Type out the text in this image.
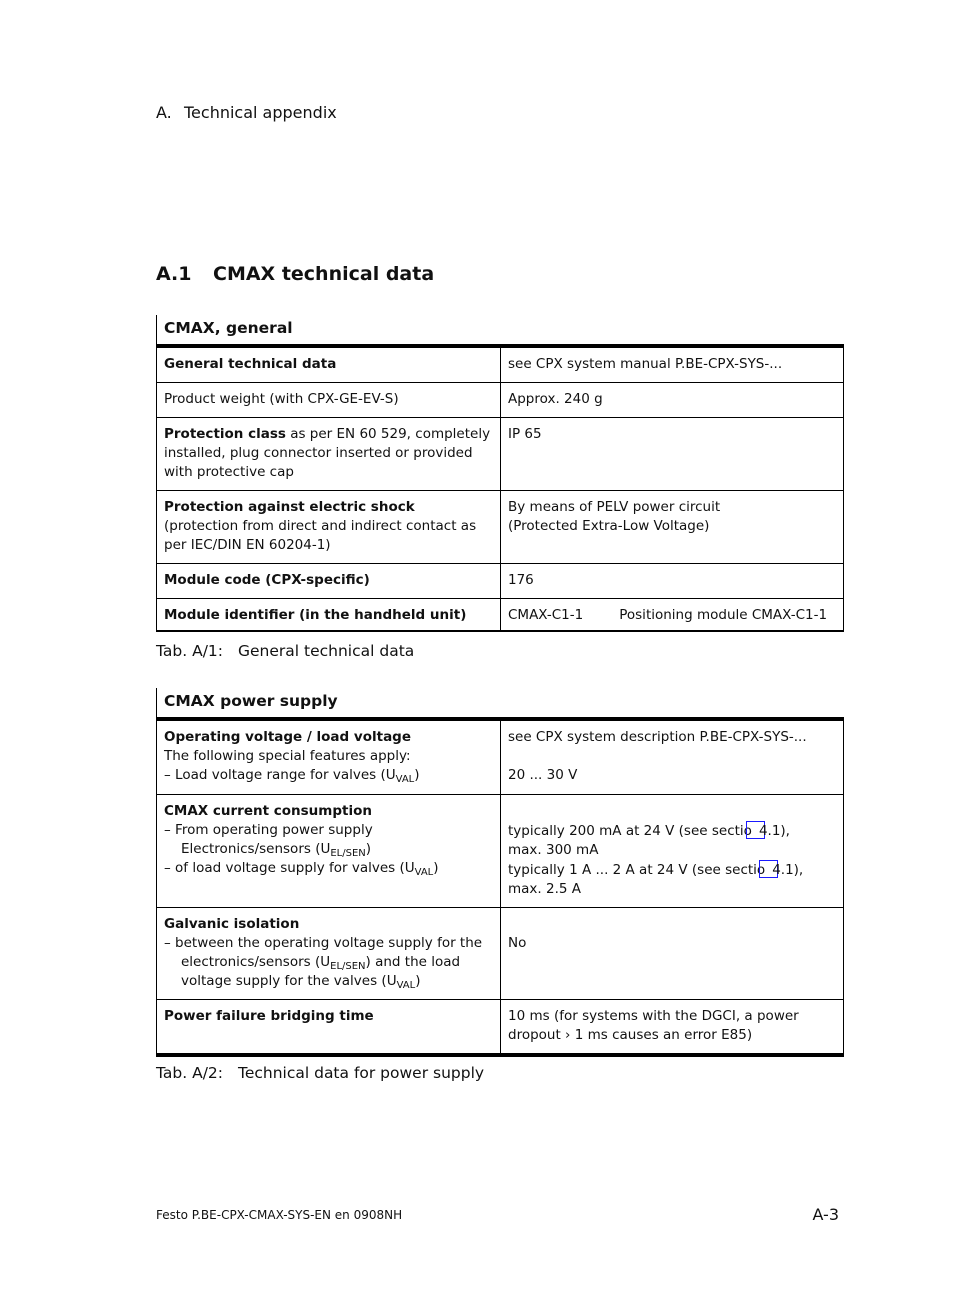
A. Technical appendix
A.1 CMAX technical data
CMAX, general	
General technical data	see CPX system manual P.BE-CPX-SYS-...
Product weight (with CPX-GE-EV-S)	Approx. 240 g
Protection class as per EN 60 529, completely installed, plug connector inserted or provided with protective cap	IP 65

Protection against electric shock
(protection from direct and indirect contact as per IEC/DIN EN 60204-1)	By means of PELV power circuit
(Protected Extra-Low Voltage)
Module code (CPX-specific)	176
Module identifier (in the handheld unit)	CMAX-C1-1 Positioning module CMAX-C1-1
Tab. A/1: General technical data
CMAX power supply	

Operating voltage / load voltage
The following special features apply:
– Load voltage range for valves $(U_{VAL})$	see CPX system description P.BE-CPX-SYS-...
20 ... 30 V

CMAX current consumption
– From operating power supply Electronics/sensors $(U_{EL/SEN})$
– of load voltage supply for valves $(U_{VAL})$	typically 200 mA at 24 V (see sectio 4.1),
max. 300 mA
typically 1 A ... 2 A at 24 V (see sectio 4.1),
max. 2.5 A

Galvanic isolation
– between the operating voltage supply for the electronics/sensors $(U_{EL/SEN})$ and the load voltage supply for the valves $(U_{VAL})$	No

Power failure bridging time	10 ms (for systems with the DGCI, a power dropout › 1 ms causes an error E85)
Tab. A/2: Technical data for power supply
Festo P.BE-CPX-CMAX-SYS-EN en 0908NH	A-3
